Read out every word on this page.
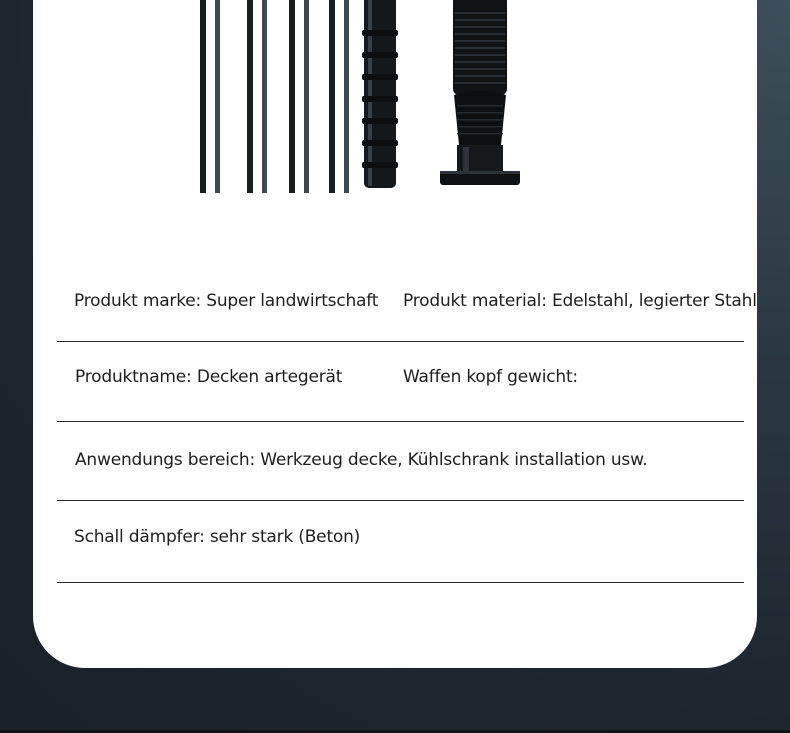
Produkt marke: Super landwirtschaft Produkt material: Edelstahl, legierter Stahl
Produktname: Decken artegerät	Waffen kopf gewicht:
Anwendungs bereich: Werkzeug decke, Kühlschrank installation usw.
Schall dämpfer: sehr stark (Beton)
